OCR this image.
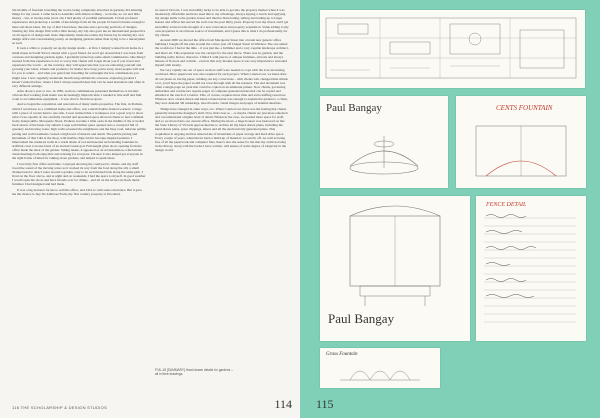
Six months of freedom travelling the world, being completely absorbed in gardens, did amazing things for my career. I came back to Australia with almost nothing – no home, no car and little money – but, at twenty-nine years old, I had plenty of youthful enthusiasm. I'd had profound experiences and picked up a wealth of knowledge from all the people I'd been fortunate enough to meet and share ideas. On top of that I had ideas, theories and a growing portfolio of designs. Starting my first design firm with a little money, my trip also gave me an international perspective on all aspects of design and, more importantly, made me realise my future lay in starting my own design office and concentrating purely on designing gardens rather than trying to be a nurseryman as well.

It took a while to properly set up my design studio – at first, I simply worked from home in a small house in South Yarra I shared with a good friend. As word got around that I was back from overseas and designing gardens again, I gradually picked up some small commissions. One thing I learned from this experience is not to worry that clients will forget about you if you travel and experience the world – on the contrary, they will appreciate that you are educating yourself and growing your ideas. Clients and products; for matter how long you're away, most people will wait for you to return – and what you gain from travelling far outweighs the few commissions you might lose. I now regularly undertake month-long sabbaticals overseas, exploring gardens I haven't visited before, where I find I always unearth ideas that can be used elsewhere and often in very different settings.

After about a year or two, in 1985, as more commissions presented themselves, it became obvious that working from home was increasingly impracticable. I needed to hire staff and find room to accommodate equipment – it was vital to find more space.

And so began the acquisition and renovation of many studio properties. The first, in Prahran, which I would use as a combined home and office, was a small double-fronted workers' cottage with a piece of vacant land to one side. I soon realised that a workspace was a great way to show what I was capable of, the carefully curated and presented space allowed clients to feel confident in my design skills. Macquarie Street, Prahran, became a little oasis in the middle of the crowded back streets of the inner-city suburb. Large solid timber gates opened onto a courtyard full of greenery and moving water, high walls screened the neighbours and the busy road, intricate pebble paving and wall treatments created a high level of interest and detail. The pebble paving and movement of that I did at the shop, with marble chips laid in baroque-inspired patterns. I limewashed the rendered walls in a warm shade of red and inserted recirculating fountains in artificial coral to house busts of an ancient Greek god. Full-height glass doors opening from the office made the most of the garden. Sitting inside, it appeared as an art installation, which made client meetings both enjoyable and relaxing for everyone. I'm sure it also helped get everyone in the right frame of mind for talking about gardens, and helped to spark ideas.

I loved my first office and home. I enjoyed showing the courtyard to clients, and my staff loved the sound of the moving water as it worked its way from the food along the sill, a small channel used to direct water around a garden, only to be recirculated back along the same path. I lived on the floor above, and at night and on weekends, I had the space to myself. In good weather I would open the doors and have friends over for drinks – and all on the terrace in black metal furniture I had designed and had made.

It was a big decision for me to sell this office, and I did so with some reluctance. But it gave me the chance to buy Sir Ambrose Farm, my first country property at Woodend,

in central Victoria. I was incredibly lucky to be able to get into the property market when it was moderately affordable and have used this to my advantage, always buying a wreck and applying my design skills to the garden, house and interior. Renovating, selling and trading up to larger houses and offices has served me well over the past thirty years. Property is in my blood, and I get incredibly excited at the thought of a new renovation and property acquisition. Value adding to my own properties is an obvious source of investment, and I guess this is what I do professionally for my clients.

Around 2000 we moved the office from Macquarie Street into a brand new generic office building I bought off the plan around the corner, just off Chapel Street in Windsor. The one suited the workforce I had at the time – it was just me, a fulltimer and a very capable landscape architect, and that's all. This expansion was the catalyst for the next move. There was no garden, and the building really had no character. I filled it with pieces of antique furniture, artwork and always masses of flowers and orchids – even in this very modest space it was very important to surround myself with beauty.

We very rapidly ran out of space as more staff were needed to cope with the ever-increasing workload. More paperwork was also required for each project. When I started out, we hand-drew all our plans on tracing paper, rubbing out any corrections – with clients who changed their minds a lot, you'd hope the paper would not wear through with all the erasures. The end document was often a single-page A1 plan that could be copied on an ammonia printer. Now clients, governing authorities and contractors require pages of computer-generated plans that can be copied and emailed at the touch of a button. This, of course, requires more time and extra staffing resources. Whereas once a hand-drawn and hand-coloured plan was enough to explain the garden to a client, they now demand 3D renderings, mood boards, visual images and pages of detailed sketches.

Things have changed in other ways, too. When I started out, there was the feeling that clients generally trusted the designer's skill. Now, that's less so – or maybe clients are just more educated and can understand a higher level of detail. Whatever the case, we needed more space for staff, and so we moved into our current office. During the move, a huge honour was bestowed on me: the State Library of Victoria approached me to archive all my hand-drawn plans, including the hand-drawn plans, press clippings, letters and all the electronically generated plans. This acquisition is ongoing and has relieved me of mountains of paper storage and hard-drive space. Every couple of years, when there's been a build-up of material, we send it off. As well as being free of all the paperwork and computer files, there's also the sense for me that my archives being in the library, along with the books I have written, will ensure of some degree of longevity in the design world.

P16–18 [SUMMARY] Hand-drawn details for gardens – all in their drawings.
116 THE SCHOLARSHIP & DESIGN STUDIOS	114
Paul Bangay	CENTS FOUNTAIN
Paul Bangay
FENCE DETAIL
Grass Fountain
115
